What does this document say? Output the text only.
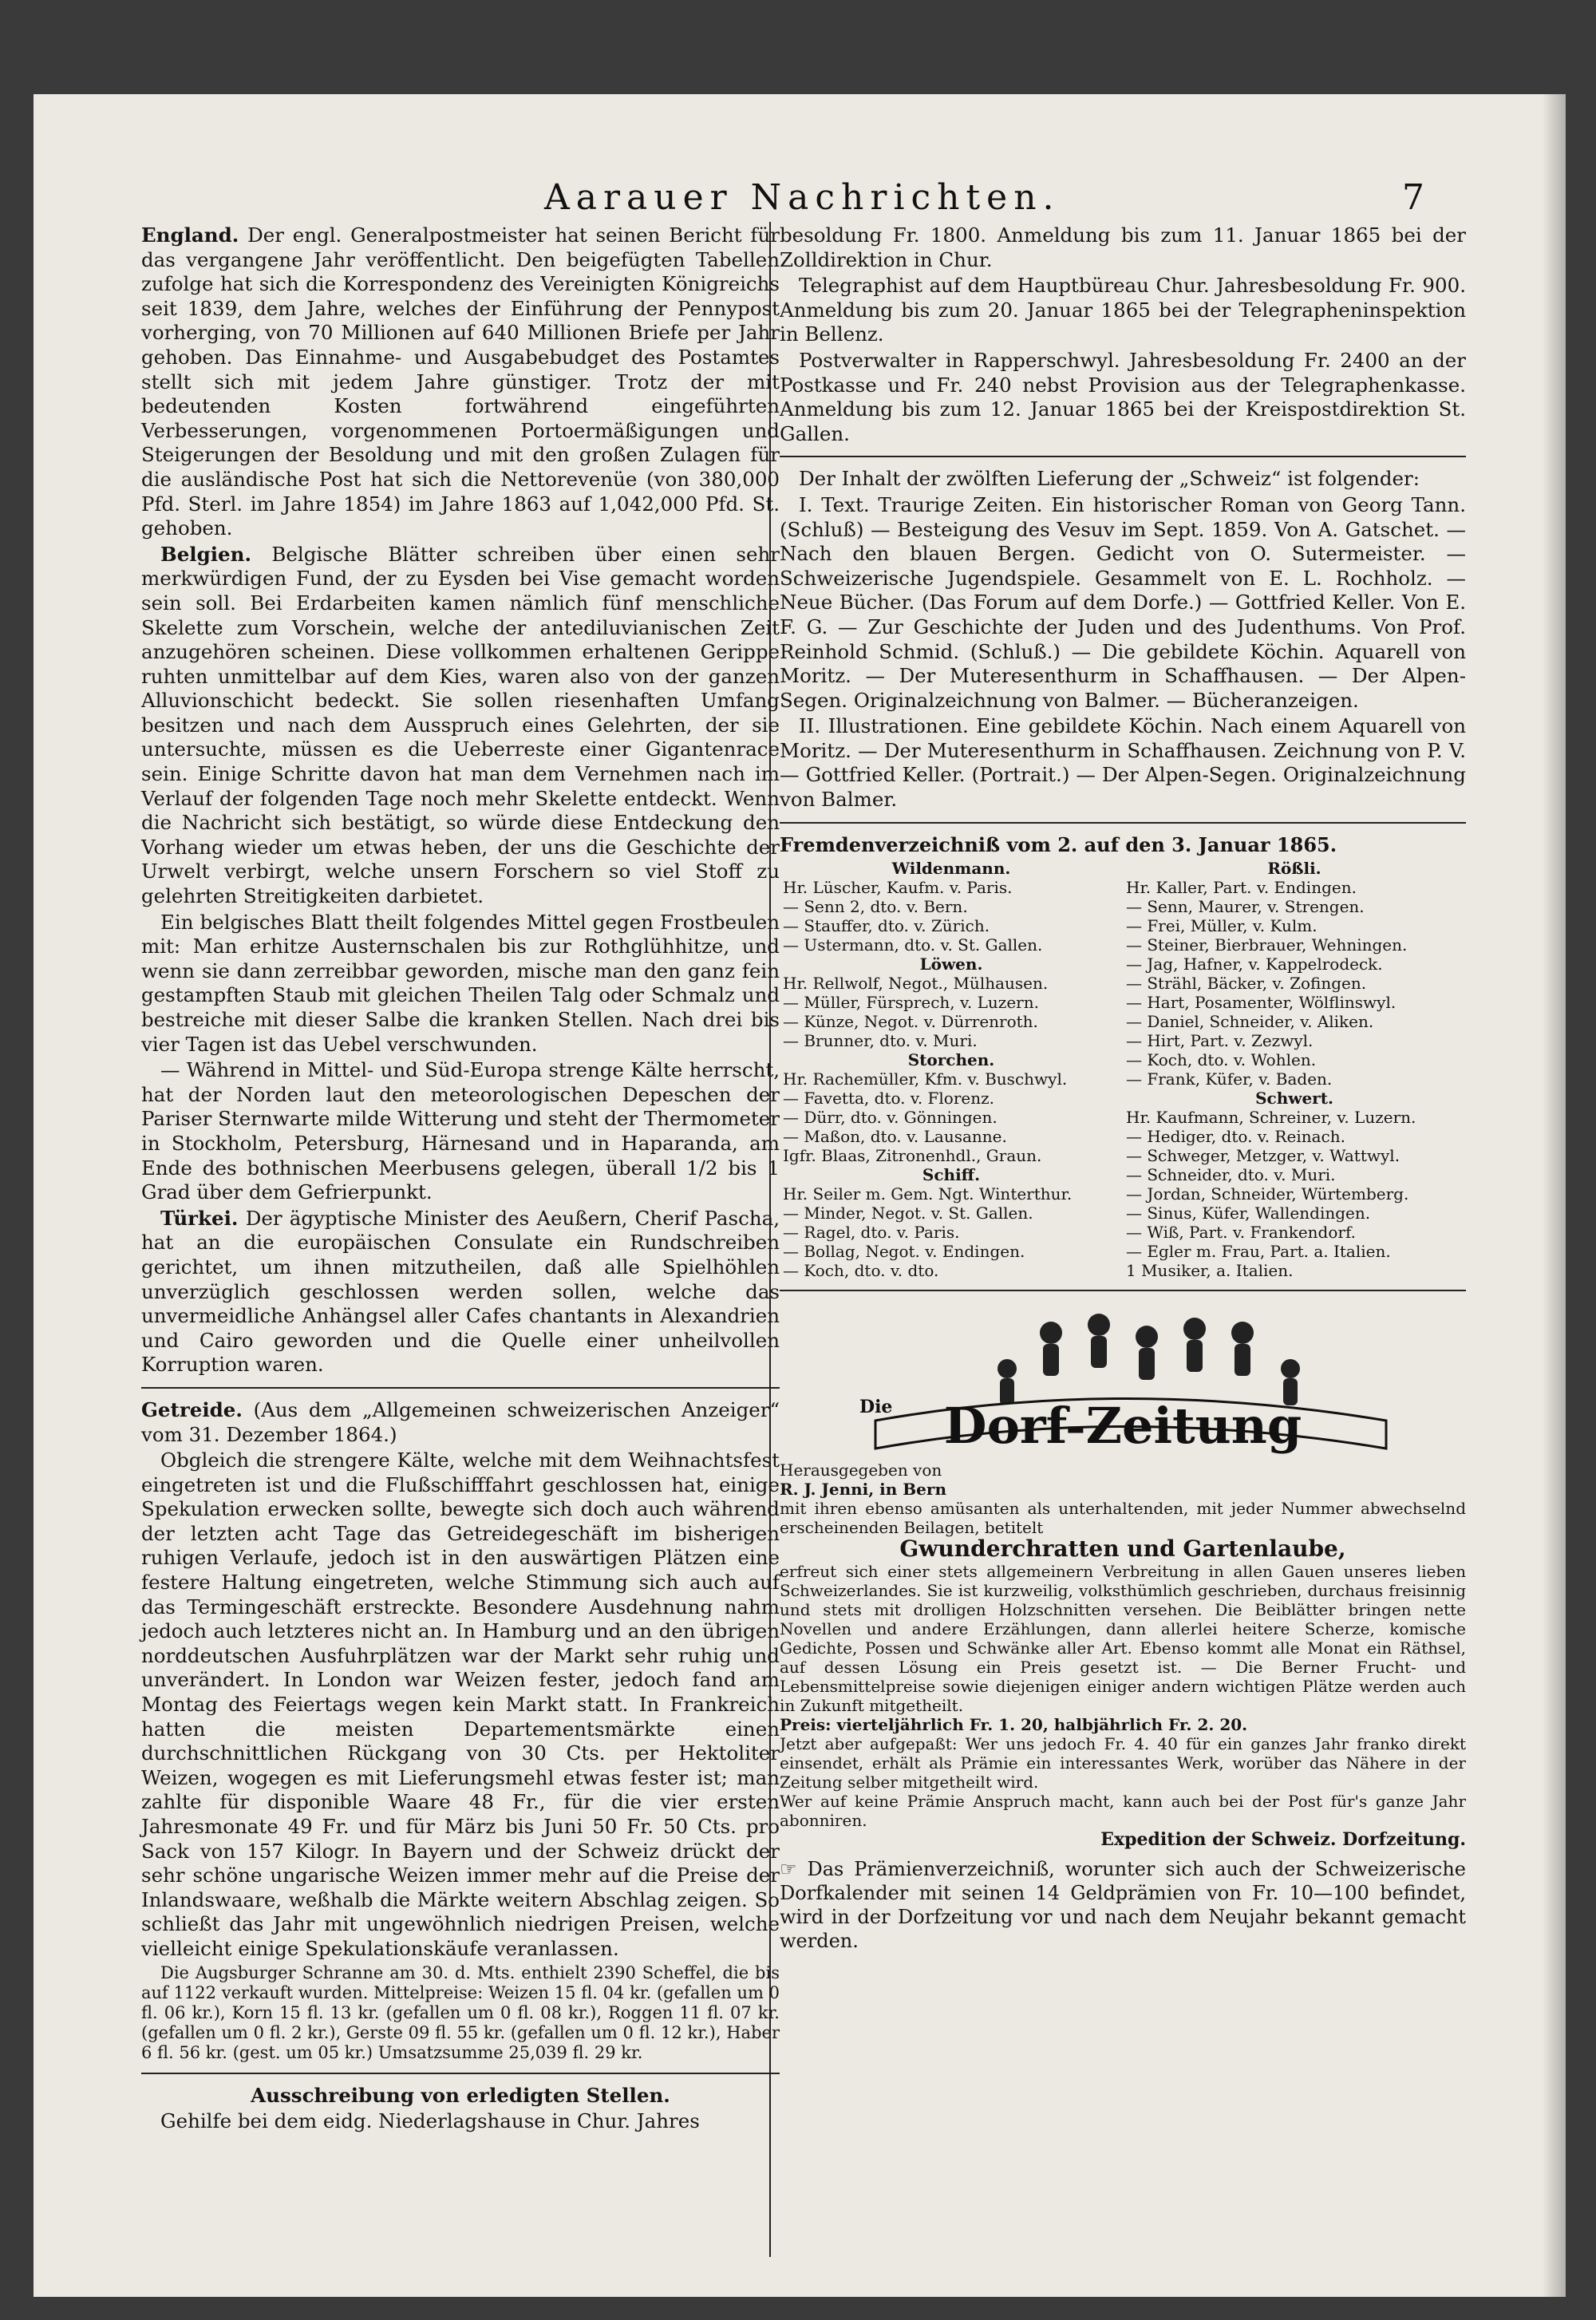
Aarauer Nachrichten.	7

England. Der engl. Generalpostmeister hat seinen Bericht für das vergangene Jahr veröffentlicht. Den beigefügten Tabellen zufolge hat sich die Korrespondenz des Vereinigten Königreichs seit 1839, dem Jahre, welches der Einführung der Pennypost vorherging, von 70 Millionen auf 640 Millionen Briefe per Jahr gehoben. Das Einnahme- und Ausgabebudget des Postamtes stellt sich mit jedem Jahre günstiger. Trotz der mit bedeutenden Kosten fortwährend eingeführten Verbesserungen, vorgenommenen Portoermäßigungen und Steigerungen der Besoldung und mit den großen Zulagen für die ausländische Post hat sich die Nettorevenüe (von 380,000 Pfd. Sterl. im Jahre 1854) im Jahre 1863 auf 1,042,000 Pfd. St. gehoben.

Belgien. Belgische Blätter schreiben über einen sehr merkwürdigen Fund, der zu Eysden bei Vise gemacht worden sein soll. Bei Erdarbeiten kamen nämlich fünf menschliche Skelette zum Vorschein, welche der antediluvianischen Zeit anzugehören scheinen. Diese vollkommen erhaltenen Gerippe ruhten unmittelbar auf dem Kies, waren also von der ganzen Alluvionschicht bedeckt. Sie sollen riesenhaften Umfang besitzen und nach dem Ausspruch eines Gelehrten, der sie untersuchte, müssen es die Ueberreste einer Gigantenrace sein. Einige Schritte davon hat man dem Vernehmen nach im Verlauf der folgenden Tage noch mehr Skelette entdeckt. Wenn die Nachricht sich bestätigt, so würde diese Entdeckung den Vorhang wieder um etwas heben, der uns die Geschichte der Urwelt verbirgt, welche unsern Forschern so viel Stoff zu gelehrten Streitigkeiten darbietet.

Ein belgisches Blatt theilt folgendes Mittel gegen Frostbeulen mit: Man erhitze Austernschalen bis zur Rothglühhitze, und wenn sie dann zerreibbar geworden, mische man den ganz fein gestampften Staub mit gleichen Theilen Talg oder Schmalz und bestreiche mit dieser Salbe die kranken Stellen. Nach drei bis vier Tagen ist das Uebel verschwunden.

— Während in Mittel- und Süd-Europa strenge Kälte herrscht, hat der Norden laut den meteorologischen Depeschen der Pariser Sternwarte milde Witterung und steht der Thermometer in Stockholm, Petersburg, Härnesand und in Haparanda, am Ende des bothnischen Meerbusens gelegen, überall 1/2 bis 1 Grad über dem Gefrierpunkt.

Türkei. Der ägyptische Minister des Aeußern, Cherif Pascha, hat an die europäischen Consulate ein Rundschreiben gerichtet, um ihnen mitzutheilen, daß alle Spielhöhlen unverzüglich geschlossen werden sollen, welche das unvermeidliche Anhängsel aller Cafes chantants in Alexandrien und Cairo geworden und die Quelle einer unheilvollen Korruption waren.

Getreide. (Aus dem „Allgemeinen schweizerischen Anzeiger“ vom 31. Dezember 1864.)

Obgleich die strengere Kälte, welche mit dem Weihnachtsfest eingetreten ist und die Flußschifffahrt geschlossen hat, einige Spekulation erwecken sollte, bewegte sich doch auch während der letzten acht Tage das Getreidegeschäft im bisherigen ruhigen Verlaufe, jedoch ist in den auswärtigen Plätzen eine festere Haltung eingetreten, welche Stimmung sich auch auf das Termingeschäft erstreckte. Besondere Ausdehnung nahm jedoch auch letzteres nicht an. In Hamburg und an den übrigen norddeutschen Ausfuhrplätzen war der Markt sehr ruhig und unverändert. In London war Weizen fester, jedoch fand am Montag des Feiertags wegen kein Markt statt. In Frankreich hatten die meisten Departementsmärkte einen durchschnittlichen Rückgang von 30 Cts. per Hektoliter Weizen, wogegen es mit Lieferungsmehl etwas fester ist; man zahlte für disponible Waare 48 Fr., für die vier ersten Jahresmonate 49 Fr. und für März bis Juni 50 Fr. 50 Cts. pro Sack von 157 Kilogr. In Bayern und der Schweiz drückt der sehr schöne ungarische Weizen immer mehr auf die Preise der Inlandswaare, weßhalb die Märkte weitern Abschlag zeigen. So schließt das Jahr mit ungewöhnlich niedrigen Preisen, welche vielleicht einige Spekulationskäufe veranlassen.

Die Augsburger Schranne am 30. d. Mts. enthielt 2390 Scheffel, die bis auf 1122 verkauft wurden. Mittelpreise: Weizen 15 fl. 04 kr. (gefallen um 0 fl. 06 kr.), Korn 15 fl. 13 kr. (gefallen um 0 fl. 08 kr.), Roggen 11 fl. 07 kr. (gefallen um 0 fl. 2 kr.), Gerste 09 fl. 55 kr. (gefallen um 0 fl. 12 kr.), Haber 6 fl. 56 kr. (gest. um 05 kr.) Umsatzsumme 25,039 fl. 29 kr.

Ausschreibung von erledigten Stellen.

Gehilfe bei dem eidg. Niederlagshause in Chur. Jahres

besoldung Fr. 1800. Anmeldung bis zum 11. Januar 1865 bei der Zolldirektion in Chur.

Telegraphist auf dem Hauptbüreau Chur. Jahresbesoldung Fr. 900. Anmeldung bis zum 20. Januar 1865 bei der Telegrapheninspektion in Bellenz.

Postverwalter in Rapperschwyl. Jahresbesoldung Fr. 2400 an der Postkasse und Fr. 240 nebst Provision aus der Telegraphenkasse. Anmeldung bis zum 12. Januar 1865 bei der Kreispostdirektion St. Gallen.

Der Inhalt der zwölften Lieferung der „Schweiz“ ist folgender:

I. Text. Traurige Zeiten. Ein historischer Roman von Georg Tann. (Schluß) — Besteigung des Vesuv im Sept. 1859. Von A. Gatschet. — Nach den blauen Bergen. Gedicht von O. Sutermeister. — Schweizerische Jugendspiele. Gesammelt von E. L. Rochholz. — Neue Bücher. (Das Forum auf dem Dorfe.) — Gottfried Keller. Von E. F. G. — Zur Geschichte der Juden und des Judenthums. Von Prof. Reinhold Schmid. (Schluß.) — Die gebildete Köchin. Aquarell von Moritz. — Der Muteresenthurm in Schaffhausen. — Der Alpen-Segen. Originalzeichnung von Balmer. — Bücheranzeigen.

II. Illustrationen. Eine gebildete Köchin. Nach einem Aquarell von Moritz. — Der Muteresenthurm in Schaffhausen. Zeichnung von P. V. — Gottfried Keller. (Portrait.) — Der Alpen-Segen. Originalzeichnung von Balmer.

Fremdenverzeichniß vom 2. auf den 3. Januar 1865.

Wildenmann.
Hr. Lüscher, Kaufm. v. Paris.
— Senn 2, dto. v. Bern.
— Stauffer, dto. v. Zürich.
— Ustermann, dto. v. St. Gallen.
Löwen.
Hr. Rellwolf, Negot., Mülhausen.
— Müller, Fürsprech, v. Luzern.
— Künze, Negot. v. Dürrenroth.
— Brunner, dto. v. Muri.
Storchen.
Hr. Rachemüller, Kfm. v. Buschwyl.
— Favetta, dto. v. Florenz.
— Dürr, dto. v. Gönningen.
— Maßon, dto. v. Lausanne.
Igfr. Blaas, Zitronenhdl., Graun.
Schiff.
Hr. Seiler m. Gem. Ngt. Winterthur.
— Minder, Negot. v. St. Gallen.
— Ragel, dto. v. Paris.
— Bollag, Negot. v. Endingen.
— Koch, dto. v. dto.

Rößli.
Hr. Kaller, Part. v. Endingen.
— Senn, Maurer, v. Strengen.
— Frei, Müller, v. Kulm.
— Steiner, Bierbrauer, Wehningen.
— Jag, Hafner, v. Kappelrodeck.
— Strähl, Bäcker, v. Zofingen.
— Hart, Posamenter, Wölflinswyl.
— Daniel, Schneider, v. Aliken.
— Hirt, Part. v. Zezwyl.
— Koch, dto. v. Wohlen.
— Frank, Küfer, v. Baden.
Schwert.
Hr. Kaufmann, Schreiner, v. Luzern.
— Hediger, dto. v. Reinach.
— Schweger, Metzger, v. Wattwyl.
— Schneider, dto. v. Muri.
— Jordan, Schneider, Würtemberg.
— Sinus, Küfer, Wallendingen.
— Wiß, Part. v. Frankendorf.
— Egler m. Frau, Part. a. Italien.
1 Musiker, a. Italien.
Die Dorf-Zeitung
Herausgegeben von
R. J. Jenni, in Bern
mit ihren ebenso amüsanten als unterhaltenden, mit jeder Nummer abwechselnd erscheinenden Beilagen, betitelt
Gwunderchratten und Gartenlaube,
erfreut sich einer stets allgemeinern Verbreitung in allen Gauen unseres lieben Schweizerlandes. Sie ist kurzweilig, volksthümlich geschrieben, durchaus freisinnig und stets mit drolligen Holzschnitten versehen. Die Beiblätter bringen nette Novellen und andere Erzählungen, dann allerlei heitere Scherze, komische Gedichte, Possen und Schwänke aller Art. Ebenso kommt alle Monat ein Räthsel, auf dessen Lösung ein Preis gesetzt ist. — Die Berner Frucht- und Lebensmittelpreise sowie diejenigen einiger andern wichtigen Plätze werden auch in Zukunft mitgetheilt.
Preis: vierteljährlich Fr. 1. 20, halbjährlich Fr. 2. 20.
Jetzt aber aufgepaßt: Wer uns jedoch Fr. 4. 40 für ein ganzes Jahr franko direkt einsendet, erhält als Prämie ein interessantes Werk, worüber das Nähere in der Zeitung selber mitgetheilt wird.
Wer auf keine Prämie Anspruch macht, kann auch bei der Post für's ganze Jahr abonniren.
Expedition der Schweiz. Dorfzeitung.
☞ Das Prämienverzeichniß, worunter sich auch der Schweizerische Dorfkalender mit seinen 14 Geldprämien von Fr. 10—100 befindet, wird in der Dorfzeitung vor und nach dem Neujahr bekannt gemacht werden.
